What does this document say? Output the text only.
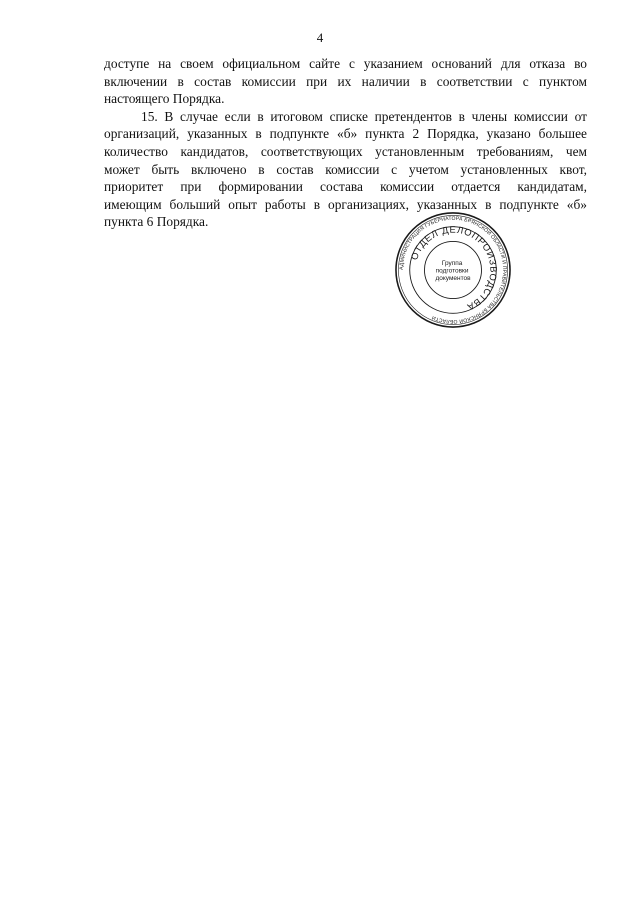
4

доступе на своем официальном сайте с указанием оснований для отказа во
включении в состав комиссии при их наличии в соответствии с пунктом
настоящего Порядка.

15. В случае если в итоговом списке претендентов в члены комиссии от
организаций, указанных в подпункте «б» пункта 2 Порядка, указано большее
количество кандидатов, соответствующих установленным требованиям, чем
может быть включено в состав комиссии с учетом установленных квот,
приоритет при формировании состава комиссии отдается кандидатам,
имеющим больший опыт работы в организациях, указанных в подпункте «б»
пункта 6 Порядка.

АДМИНИСТРАЦИЯ ГУБЕРНАТОРА БРЯНСКОЙ ОБЛАСТИ И ПРАВИТЕЛЬСТВА БРЯНСКОЙ ОБЛАСТИ
ОТДЕЛ ДЕЛОПРОИЗВОДСТВА
Группа подготовки документов
